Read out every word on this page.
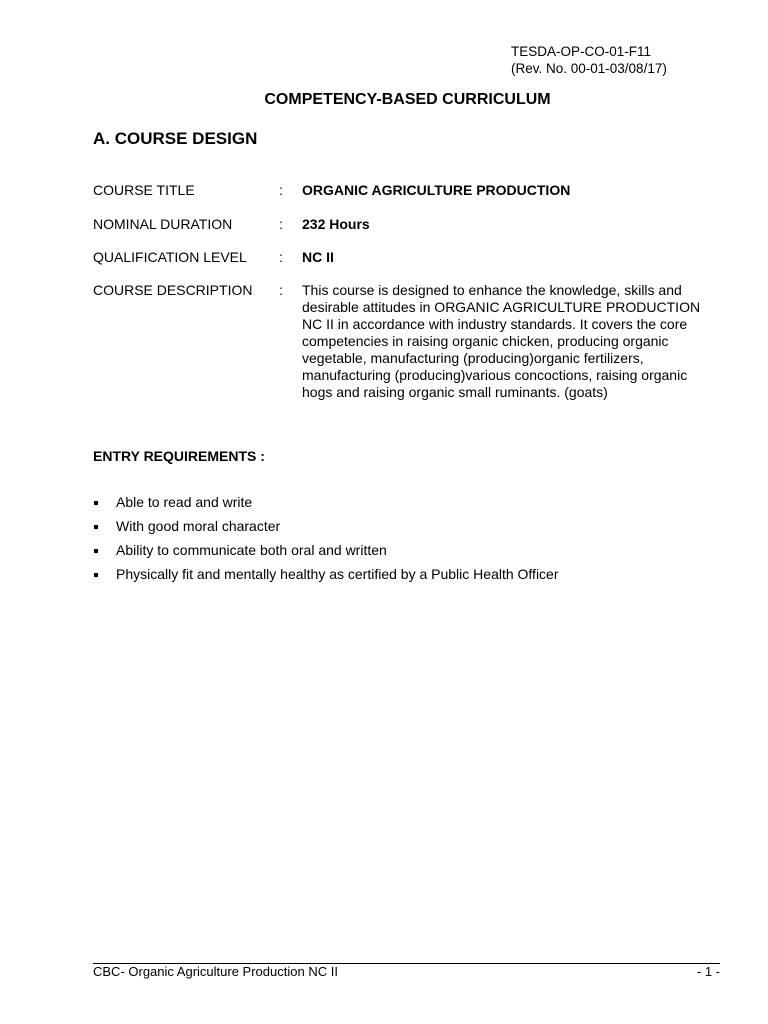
TESDA-OP-CO-01-F11
(Rev. No. 00-01-03/08/17)
COMPETENCY-BASED CURRICULUM
A. COURSE DESIGN
COURSE TITLE	: ORGANIC AGRICULTURE PRODUCTION
NOMINAL DURATION	: 232 Hours
QUALIFICATION LEVEL : NC II
COURSE DESCRIPTION : This course is designed to enhance the knowledge, skills and desirable attitudes in ORGANIC AGRICULTURE PRODUCTION NC II in accordance with industry standards. It covers the core competencies in raising organic chicken, producing organic vegetable, manufacturing (producing)organic fertilizers, manufacturing (producing)various concoctions, raising organic hogs and raising organic small ruminants. (goats)
ENTRY REQUIREMENTS :
Able to read and write
With good moral character
Ability to communicate both oral and written
Physically fit and mentally healthy as certified by a Public Health Officer
CBC- Organic Agriculture Production NC II	- 1 -
